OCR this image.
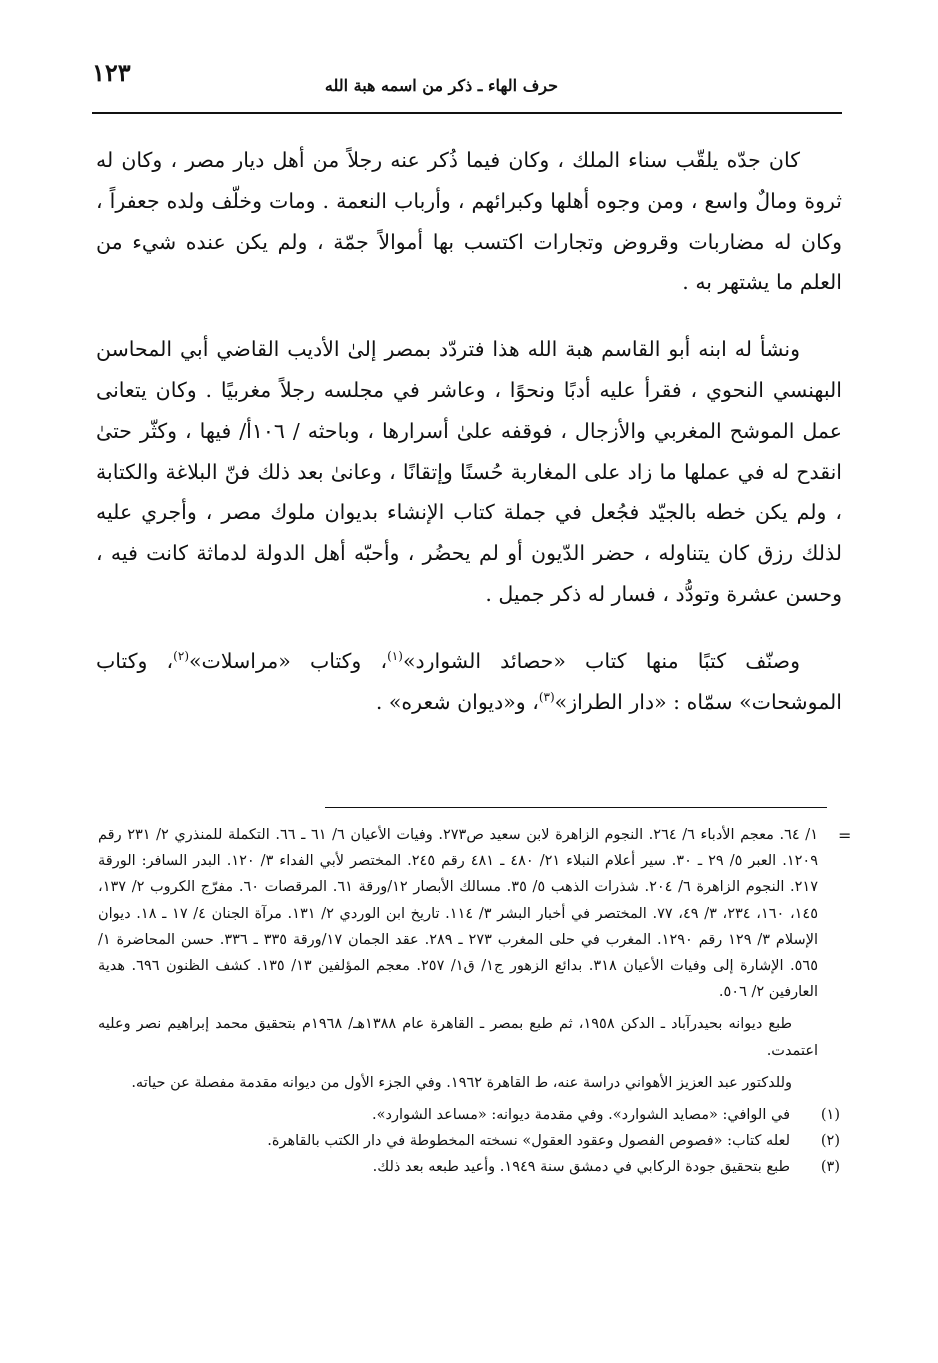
١٢٣	حرف الهاء ـ ذكر من اسمه هبة الله

كان جدّه يلقّب سناء الملك ، وكان فيما ذُكر عنه رجلاً من أهل ديار مصر ، وكان له ثروة ومالٌ واسع ، ومن وجوه أهلها وكبرائهم ، وأرباب النعمة . ومات وخلّف ولده جعفراً ، وكان له مضاربات وقروض وتجارات اكتسب بها أموالاً جمّة ، ولم يكن عنده شيء من العلم ما يشتهر به .

ونشأ له ابنه أبو القاسم هبة الله هذا فتردّد بمصر إلىٰ الأديب القاضي أبي المحاسن البهنسي النحوي ، فقرأ عليه أدبًا ونحوًا ، وعاشر في مجلسه رجلاً مغربيًا . وكان يتعانى عمل الموشح المغربي والأزجال ، فوقفه علىٰ أسرارها ، وباحثه / ١٠٦أ/ فيها ، وكثّر حتىٰ انقدح له في عملها ما زاد على المغاربة حُسنًا وإتقانًا ، وعانىٰ بعد ذلك فنّ البلاغة والكتابة ، ولم يكن خطه بالجيّد فجُعل في جملة كتاب الإنشاء بديوان ملوك مصر ، وأجري عليه لذلك رزق كان يتناوله ، حضر الدّيون أو لم يحضُر ، وأحبّه أهل الدولة لدماثة كانت فيه ، وحسن عشرة وتودُّد ، فسار له ذكر جميل .

وصنّف كتبًا منها كتاب «حصائد الشوارد»$^{(١)}$، وكتاب «مراسلات»$^{(٢)}$، وكتاب الموشحات» سمّاه : «دار الطراز»$^{(٣)}$، و«ديوان شعره» .

=

١/ ٦٤. معجم الأدباء ٦/ ٢٦٤. النجوم الزاهرة لابن سعيد ص٢٧٣. وفيات الأعيان ٦/ ٦١ ـ ٦٦. التكملة للمنذري ٢/ ٢٣١ رقم ١٢٠٩. العبر ٥/ ٢٩ ـ ٣٠. سير أعلام النبلاء ٢١/ ٤٨٠ ـ ٤٨١ رقم ٢٤٥. المختصر لأبي الفداء ٣/ ١٢٠. البدر السافر: الورقة ٢١٧. النجوم الزاهرة ٦/ ٢٠٤. شذرات الذهب ٥/ ٣٥. مسالك الأبصار ١٢/ورقة ٦١. المرقصات ٦٠. مفرّج الكروب ٢/ ١٣٧، ١٤٥، ١٦٠، ٢٣٤، ٣/ ٤٩، ٧٧. المختصر في أخبار البشر ٣/ ١١٤. تاريخ ابن الوردي ٢/ ١٣١. مرآة الجنان ٤/ ١٧ ـ ١٨. ديوان الإسلام ٣/ ١٢٩ رقم ١٢٩٠. المغرب في حلى المغرب ٢٧٣ ـ ٢٨٩. عقد الجمان ١٧/ورقة ٣٣٥ ـ ٣٣٦. حسن المحاضرة ١/ ٥٦٥. الإشارة إلى وفيات الأعيان ٣١٨. بدائع الزهور ج١/ ق١/ ٢٥٧. معجم المؤلفين ١٣/ ١٣٥. كشف الظنون ٦٩٦. هدية العارفين ٢/ ٥٠٦.

طبع ديوانه بحيدرآباد ـ الدكن ١٩٥٨، ثم طبع بمصر ـ القاهرة عام ١٣٨٨هـ/ ١٩٦٨م بتحقيق محمد إبراهيم نصر وعليه اعتمدت.

وللدكتور عبد العزيز الأهواني دراسة عنه، ط القاهرة ١٩٦٢. وفي الجزء الأول من ديوانه مقدمة مفصلة عن حياته.

(١)
في الوافي: «مصايد الشوارد». وفي مقدمة ديوانه: «مساعد الشوارد».
(٢)
لعله كتاب: «فصوص الفصول وعقود العقول» نسخته المخطوطة في دار الكتب بالقاهرة.
(٣)
طبع بتحقيق جودة الركابي في دمشق سنة ١٩٤٩. وأعيد طبعه بعد ذلك.
